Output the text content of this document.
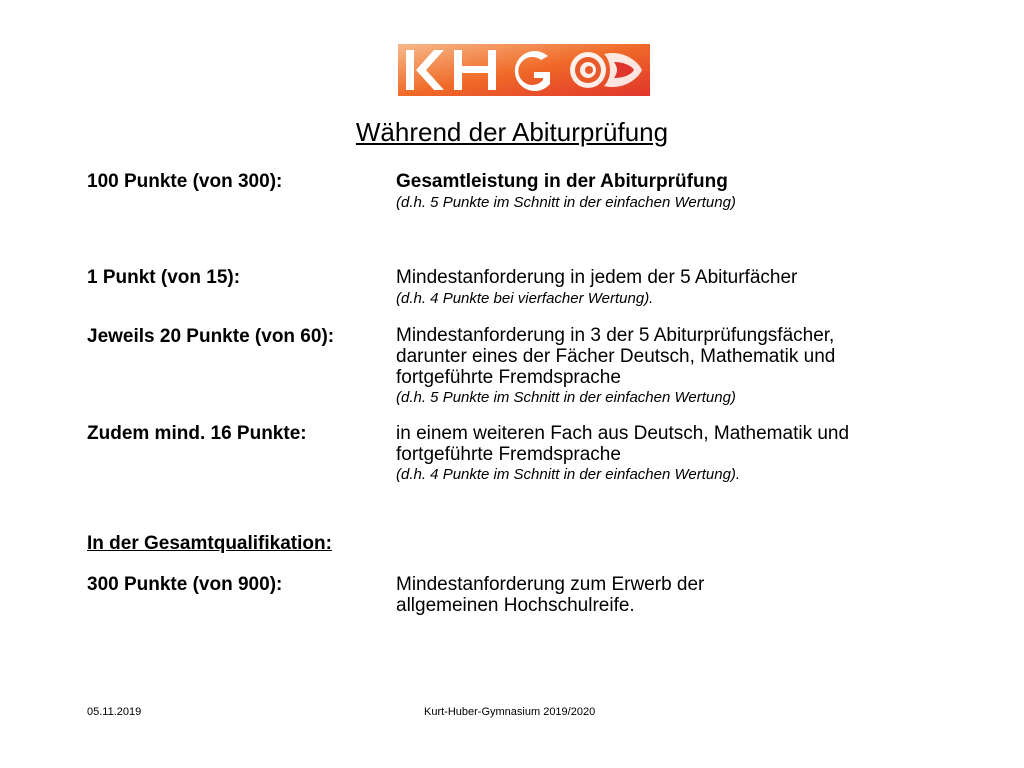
Während der Abiturprüfung
100 Punkte (von 300):	Gesamtleistung in der Abiturprüfung
(d.h. 5 Punkte im Schnitt in der einfachen Wertung)
1 Punkt (von 15):	Mindestanforderung in jedem der 5 Abiturfächer
(d.h. 4 Punkte bei vierfacher Wertung).
Jeweils 20 Punkte (von 60):	Mindestanforderung in 3 der 5 Abiturprüfungsfächer,
darunter eines der Fächer Deutsch, Mathematik und
fortgeführte Fremdsprache
(d.h. 5 Punkte im Schnitt in der einfachen Wertung)
Zudem mind. 16 Punkte:	in einem weiteren Fach aus Deutsch, Mathematik und
fortgeführte Fremdsprache
(d.h. 4 Punkte im Schnitt in der einfachen Wertung).
In der Gesamtqualifikation:
300 Punkte (von 900):	Mindestanforderung zum Erwerb der
allgemeinen Hochschulreife.
05.11.2019	Kurt-Huber-Gymnasium 2019/2020
